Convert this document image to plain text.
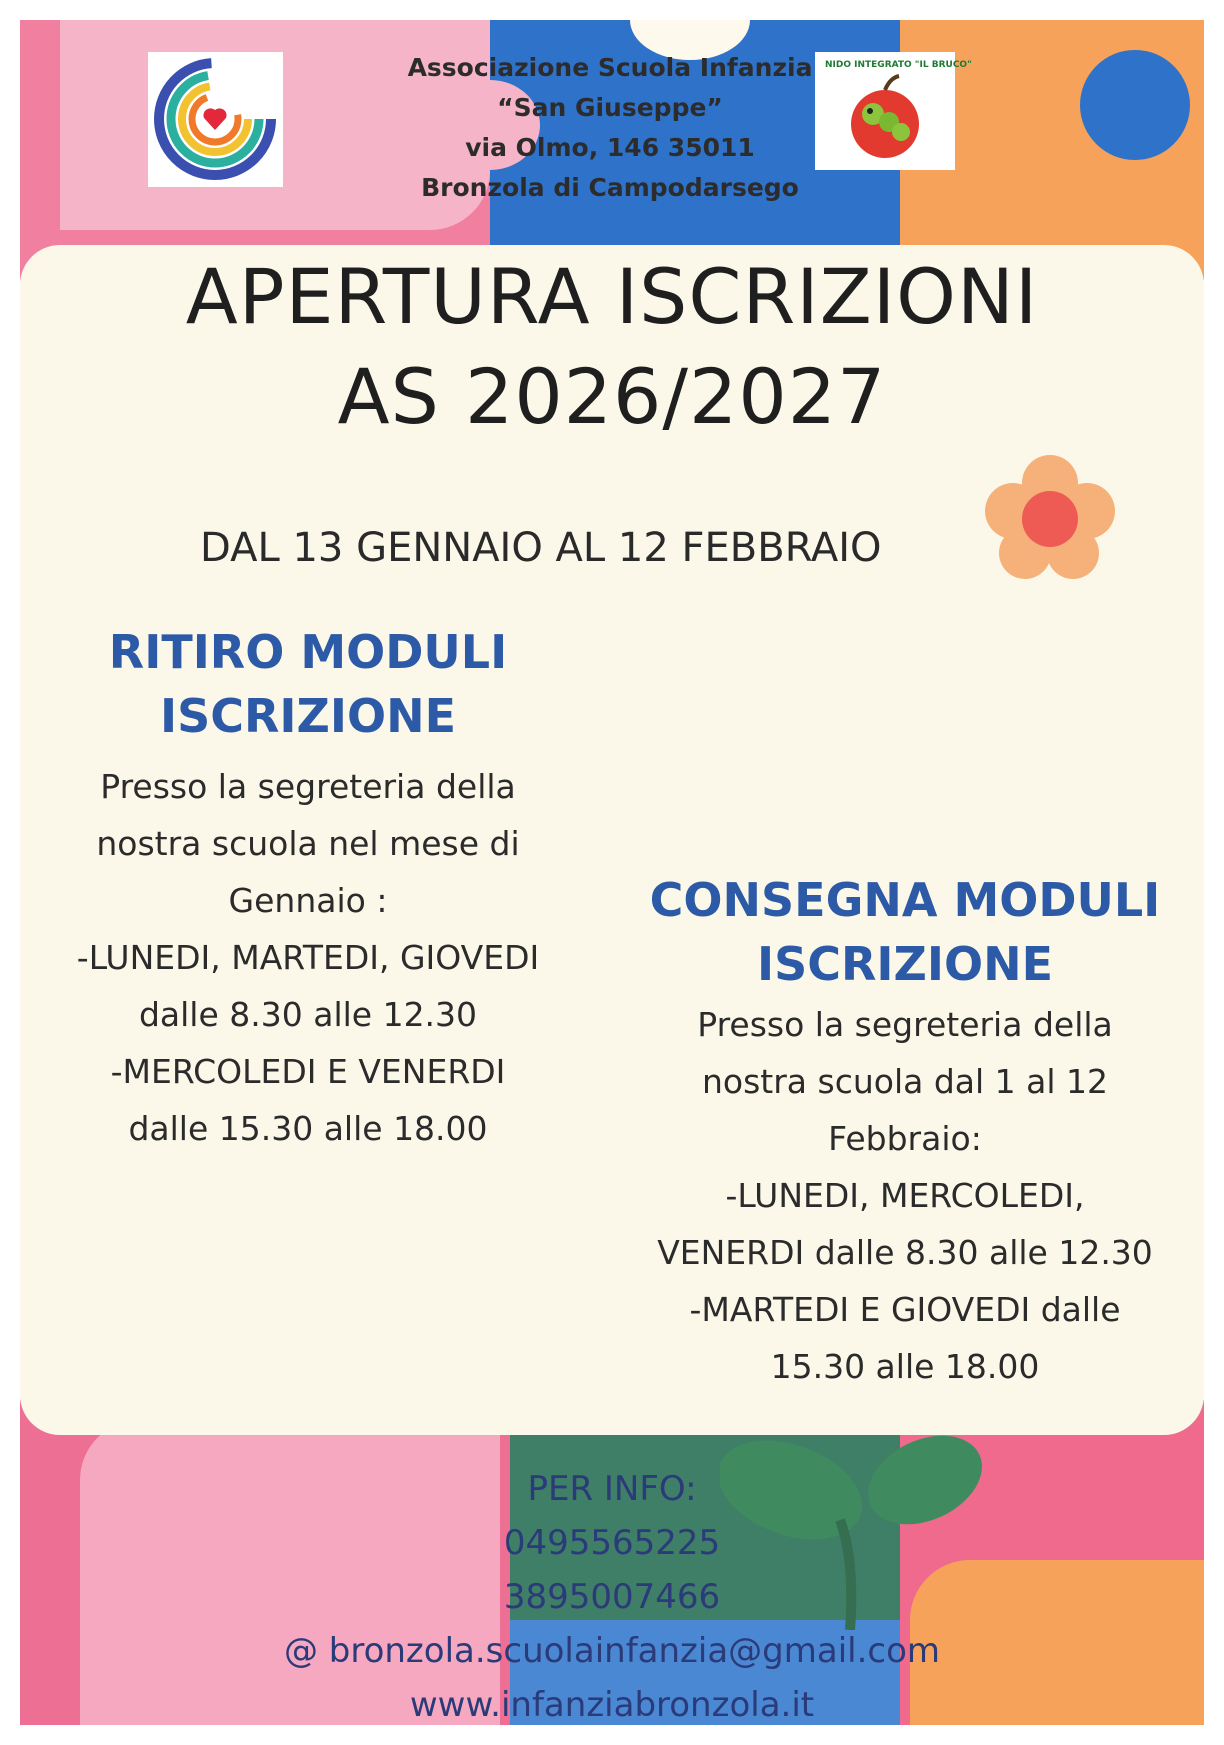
NIDO INTEGRATO "IL BRUCO"
Associazione Scuola Infanzia
“San Giuseppe”
via Olmo, 146 35011
Bronzola di Campodarsego
APERTURA ISCRIZIONI
AS 2026/2027
DAL 13 GENNAIO AL 12 FEBBRAIO
RITIRO MODULI
ISCRIZIONE
Presso la segreteria della
nostra scuola nel mese di
Gennaio :
-LUNEDI, MARTEDI, GIOVEDI
dalle 8.30 alle 12.30
-MERCOLEDI E VENERDI
dalle 15.30 alle 18.00
CONSEGNA MODULI
ISCRIZIONE
Presso la segreteria della
nostra scuola dal 1 al 12
Febbraio:
-LUNEDI, MERCOLEDI,
VENERDI dalle 8.30 alle 12.30
-MARTEDI E GIOVEDI dalle
15.30 alle 18.00
PER INFO:
0495565225
3895007466
@ bronzola.scuolainfanzia@gmail.com
www.infanziabronzola.it
